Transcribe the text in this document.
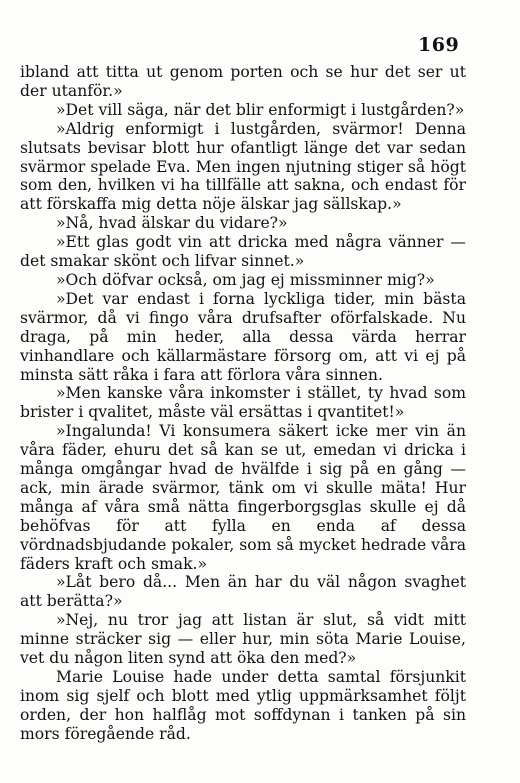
169

ibland att titta ut genom porten och se hur det ser ut der utanför.»

»Det vill säga, när det blir enformigt i lustgården?»

»Aldrig enformigt i lustgården, svärmor! Denna slutsats bevisar blott hur ofantligt länge det var sedan svärmor spelade Eva. Men ingen njutning stiger så högt som den, hvilken vi ha tillfälle att sakna, och endast för att förskaffa mig detta nöje älskar jag sällskap.»

»Nå, hvad älskar du vidare?»

»Ett glas godt vin att dricka med några vänner — det smakar skönt och lifvar sinnet.»

»Och döfvar också, om jag ej missminner mig?»

»Det var endast i forna lyckliga tider, min bästa svärmor, då vi fingo våra drufsafter oförfalskade. Nu draga, på min heder, alla dessa värda herrar vinhandlare och källarmästare försorg om, att vi ej på minsta sätt råka i fara att förlora våra sinnen.

»Men kanske våra inkomster i stället, ty hvad som brister i qvalitet, måste väl ersättas i qvantitet!»

»Ingalunda! Vi konsumera säkert icke mer vin än våra fäder, ehuru det så kan se ut, emedan vi dricka i många omgångar hvad de hvälfde i sig på en gång — ack, min ärade svärmor, tänk om vi skulle mäta! Hur många af våra små nätta fingerborgsglas skulle ej då behöfvas för att fylla en enda af dessa vördnadsbjudande pokaler, som så mycket hedrade våra fäders kraft och smak.»

»Låt bero då... Men än har du väl någon svaghet att berätta?»

»Nej, nu tror jag att listan är slut, så vidt mitt minne sträcker sig — eller hur, min söta Marie Louise, vet du någon liten synd att öka den med?»

Marie Louise hade under detta samtal försjunkit inom sig sjelf och blott med ytlig uppmärksamhet följt orden, der hon halflåg mot soffdynan i tanken på sin mors föregående råd.
